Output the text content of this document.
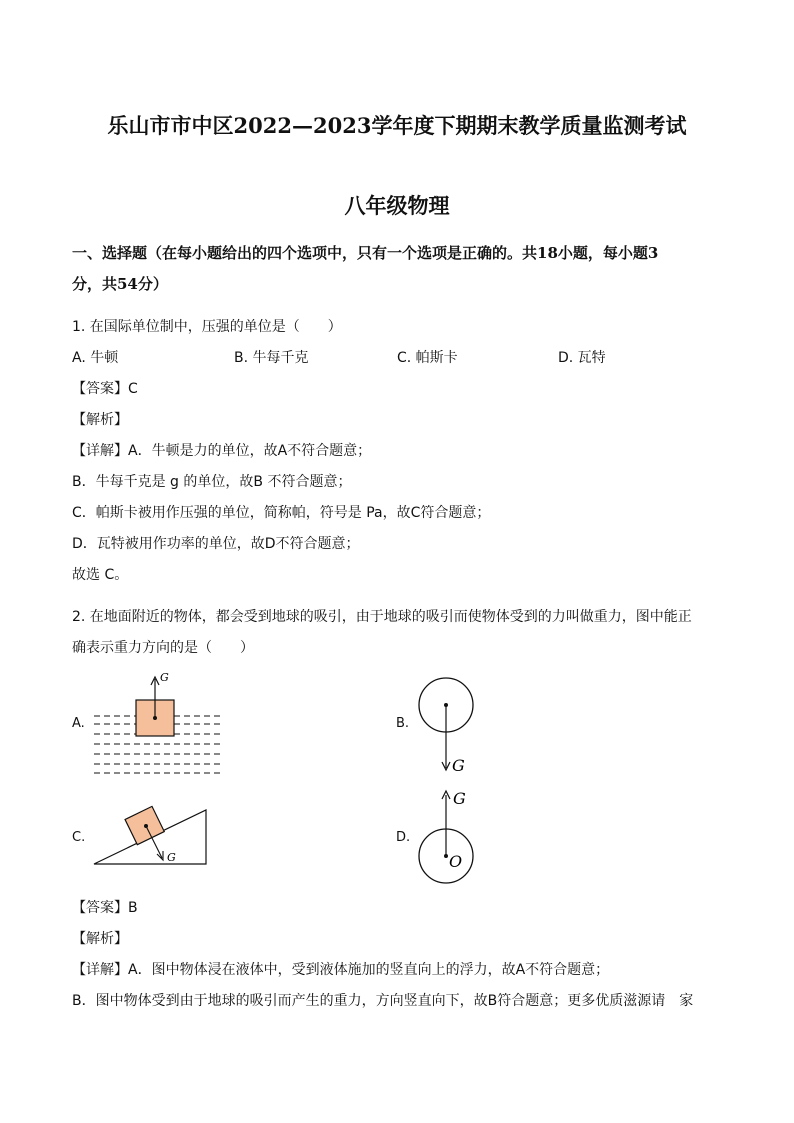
乐山市市中区2022—2023学年度下期期末教学质量监测考试
八年级物理
一、选择题（在每小题给出的四个选项中，只有一个选项是正确的。共18小题，每小题3
分，共54分）
1. 在国际单位制中，压强的单位是（　　）
A. 牛顿	B. 牛每千克	C. 帕斯卡	D. 瓦特
【答案】C
【解析】
【详解】A．牛顿是力的单位，故A不符合题意；
B．牛每千克是 g 的单位，故B 不符合题意；
C．帕斯卡被用作压强的单位，简称帕，符号是 Pa，故C符合题意；
D．瓦特被用作功率的单位，故D不符合题意；
故选 C。
2. 在地面附近的物体，都会受到地球的吸引，由于地球的吸引而使物体受到的力叫做重力，图中能正
确表示重力方向的是（　　）
A.	B.
C.	D.
G
G
G
G
O
【答案】B
【解析】
【详解】A．图中物体浸在液体中，受到液体施加的竖直向上的浮力，故A不符合题意；
B．图中物体受到由于地球的吸引而产生的重力，方向竖直向下，故B符合题意；更多优质滋源请　家
